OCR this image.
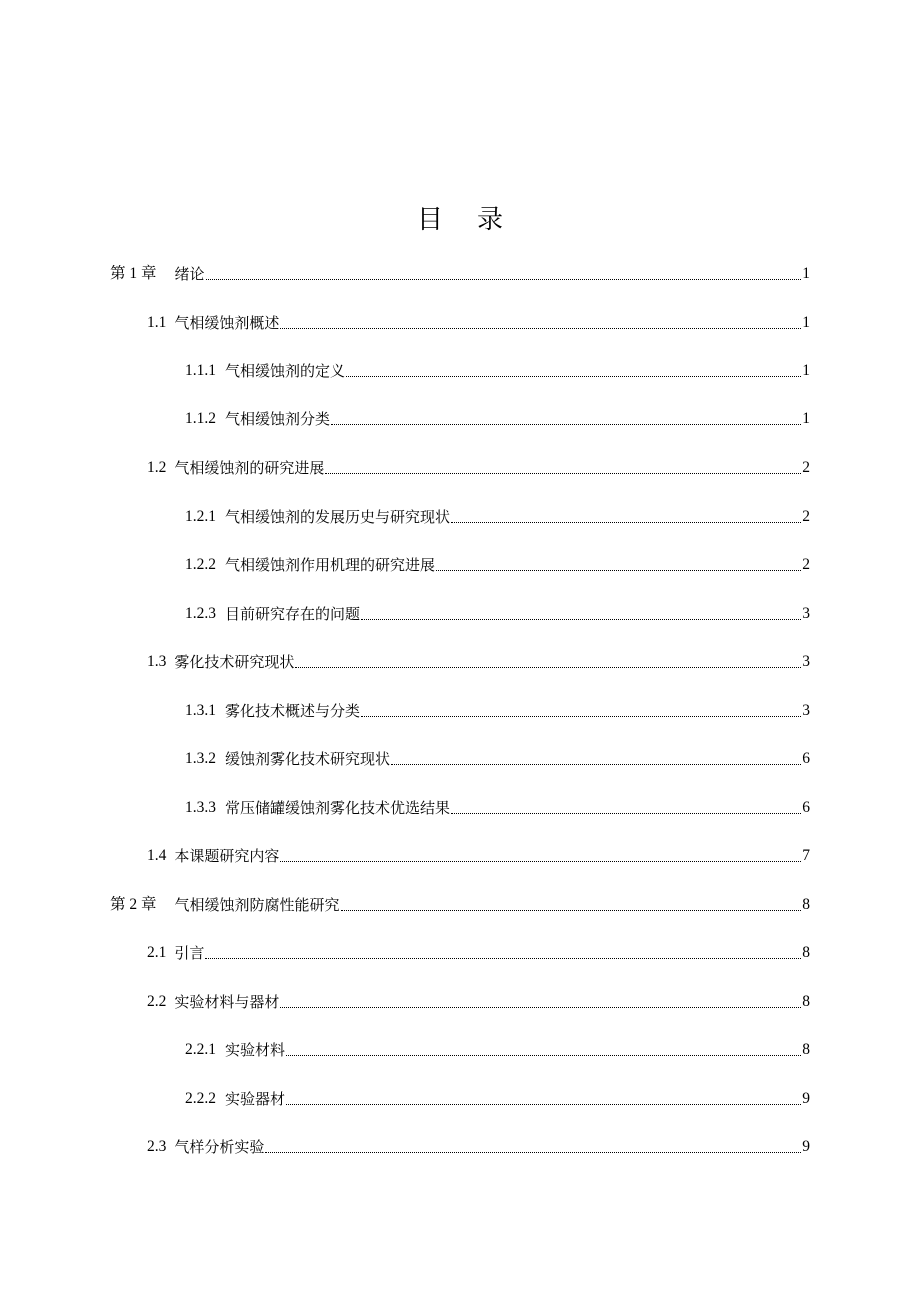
目 录
第 1 章 绪论	1
1.1 气相缓蚀剂概述	1
1.1.1 气相缓蚀剂的定义	1
1.1.2 气相缓蚀剂分类	1
1.2 气相缓蚀剂的研究进展	2
1.2.1 气相缓蚀剂的发展历史与研究现状	2
1.2.2 气相缓蚀剂作用机理的研究进展	2
1.2.3 目前研究存在的问题	3
1.3 雾化技术研究现状	3
1.3.1 雾化技术概述与分类	3
1.3.2 缓蚀剂雾化技术研究现状	6
1.3.3 常压储罐缓蚀剂雾化技术优选结果	6
1.4 本课题研究内容	7
第 2 章 气相缓蚀剂防腐性能研究	8
2.1 引言	8
2.2 实验材料与器材	8
2.2.1 实验材料	8
2.2.2 实验器材	9
2.3 气样分析实验	9
